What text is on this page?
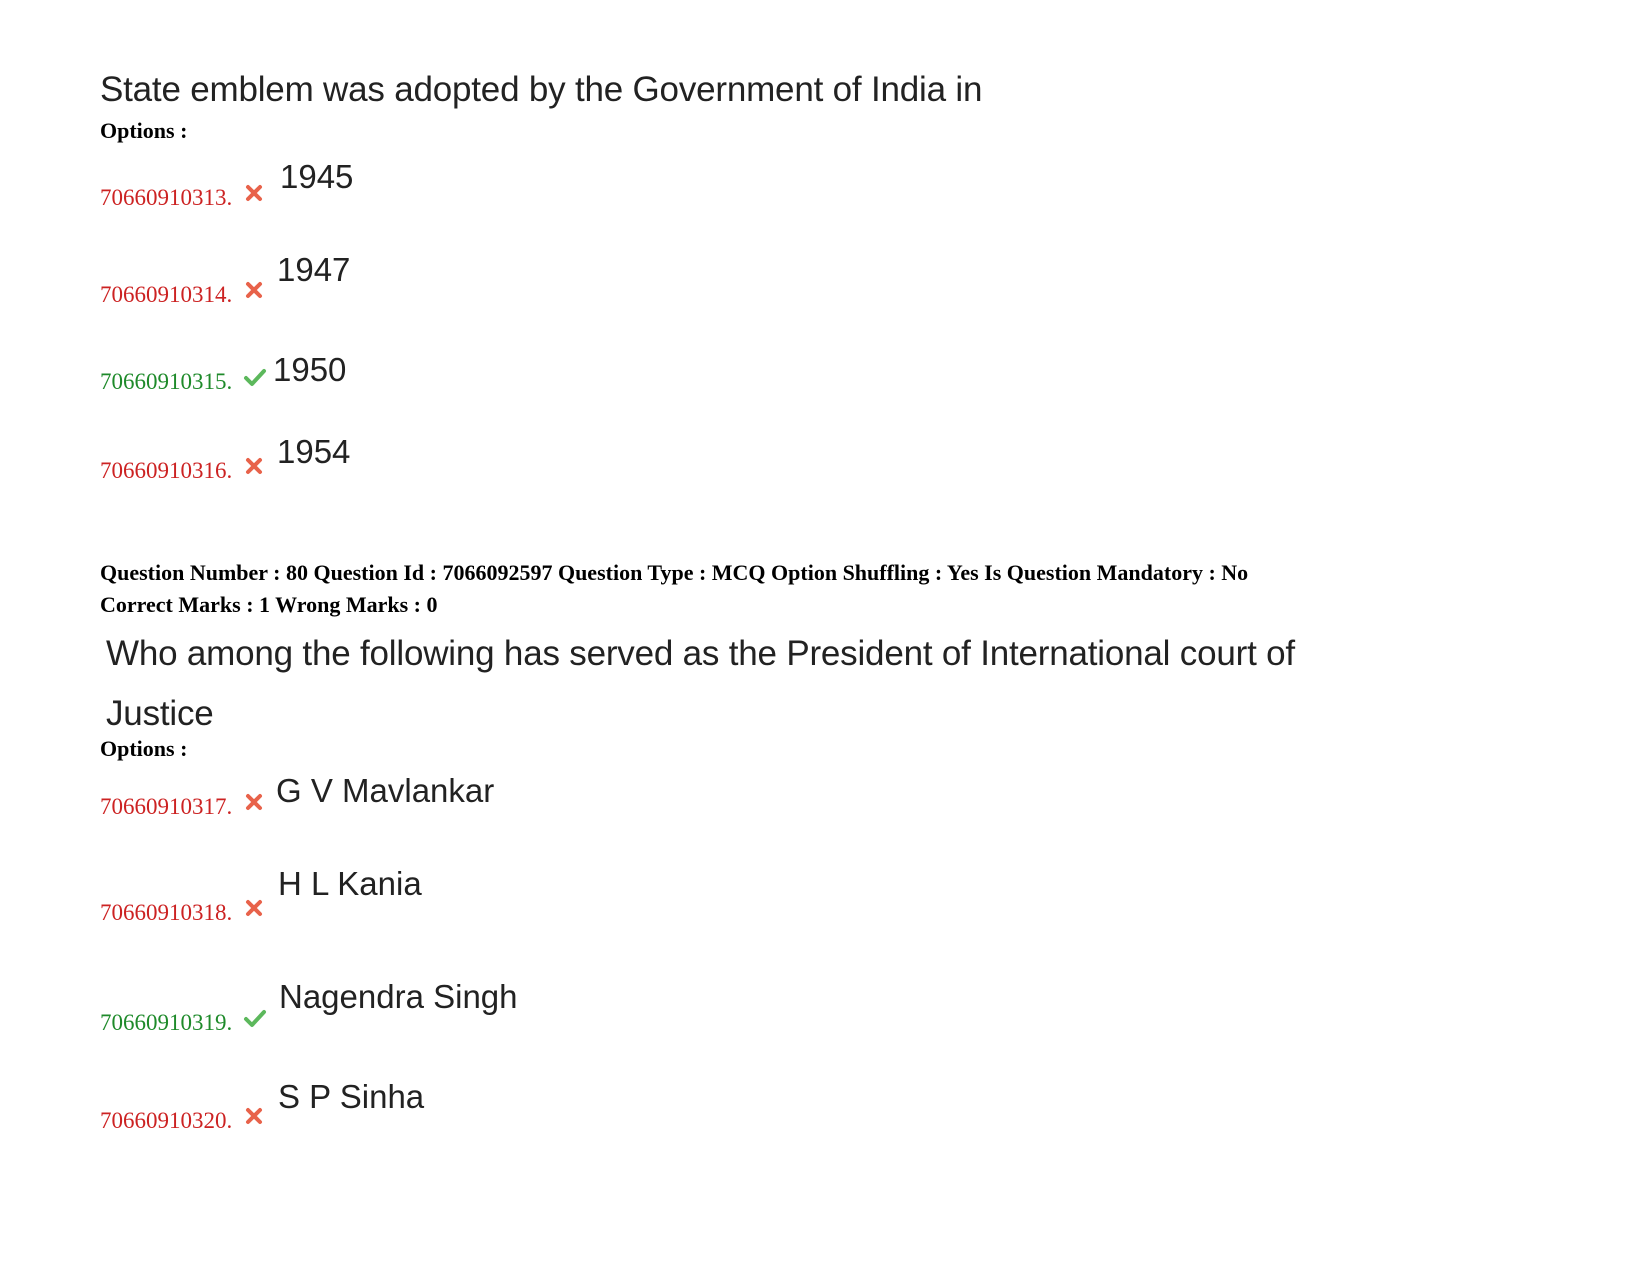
State emblem was adopted by the Government of India in
Options :
70660910313.
1945
70660910314.
1947
70660910315. 1950
70660910316.
1954
Question Number : 80 Question Id : 7066092597 Question Type : MCQ Option Shuffling : Yes Is Question Mandatory : No
Correct Marks : 1 Wrong Marks : 0
Who among the following has served as the President of International court of
Justice
Options :
70660910317. G V Mavlankar
70660910318.
H L Kania
70660910319.
Nagendra Singh
70660910320.
S P Sinha
